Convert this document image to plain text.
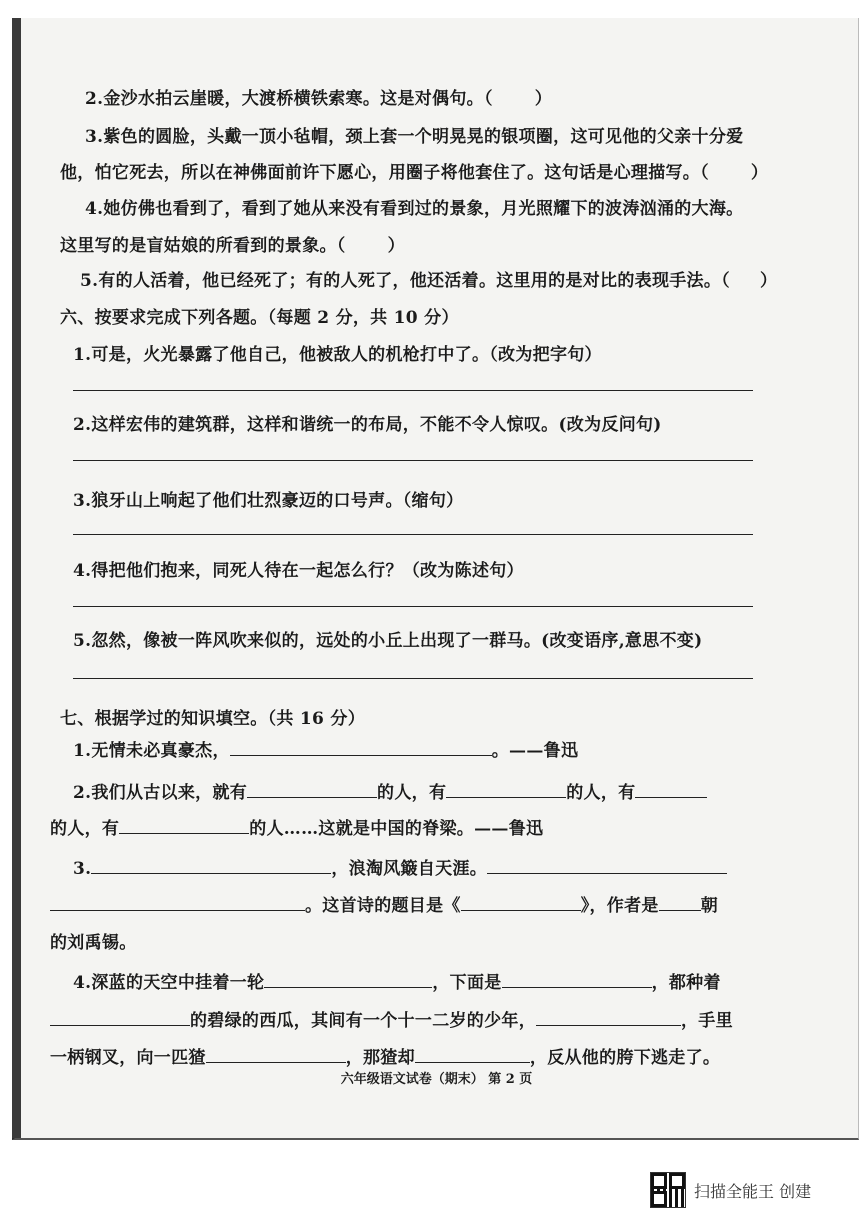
2.金沙水拍云崖暖，大渡桥横铁索寒。这是对偶句。（ ）
3.紫色的圆脸，头戴一顶小毡帽，颈上套一个明晃晃的银项圈，这可见他的父亲十分爱
他，怕它死去，所以在神佛面前许下愿心，用圈子将他套住了。这句话是心理描写。（ ）
4.她仿佛也看到了，看到了她从来没有看到过的景象，月光照耀下的波涛汹涌的大海。
这里写的是盲姑娘的所看到的景象。（ ）
5.有的人活着，他已经死了；有的人死了，他还活着。这里用的是对比的表现手法。（ ）
六、按要求完成下列各题。（每题 2 分，共 10 分）
1.可是，火光暴露了他自己，他被敌人的机枪打中了。（改为把字句）
2.这样宏伟的建筑群，这样和谐统一的布局，不能不令人惊叹。(改为反问句)
3.狼牙山上响起了他们壮烈豪迈的口号声。（缩句）
4.得把他们抱来，同死人待在一起怎么行？（改为陈述句）
5.忽然，像被一阵风吹来似的，远处的小丘上出现了一群马。(改变语序,意思不变)
七、根据学过的知识填空。（共 16 分）
1.无情未必真豪杰，	。——鲁迅
2.我们从古以来，就有	的人，有	的人，有
的人，有	的人……这就是中国的脊梁。——鲁迅
3.	，浪淘风簸自天涯。
。这首诗的题目是《	》，作者是 朝
的刘禹锡。
4.深蓝的天空中挂着一轮	，下面是	，都种着
的碧绿的西瓜，其间有一个十一二岁的少年，	，手里
一柄钢叉，向一匹猹	，那猹却	，反从他的胯下逃走了。
六年级语文试卷（期末） 第 2 页
扫描全能王 创建
